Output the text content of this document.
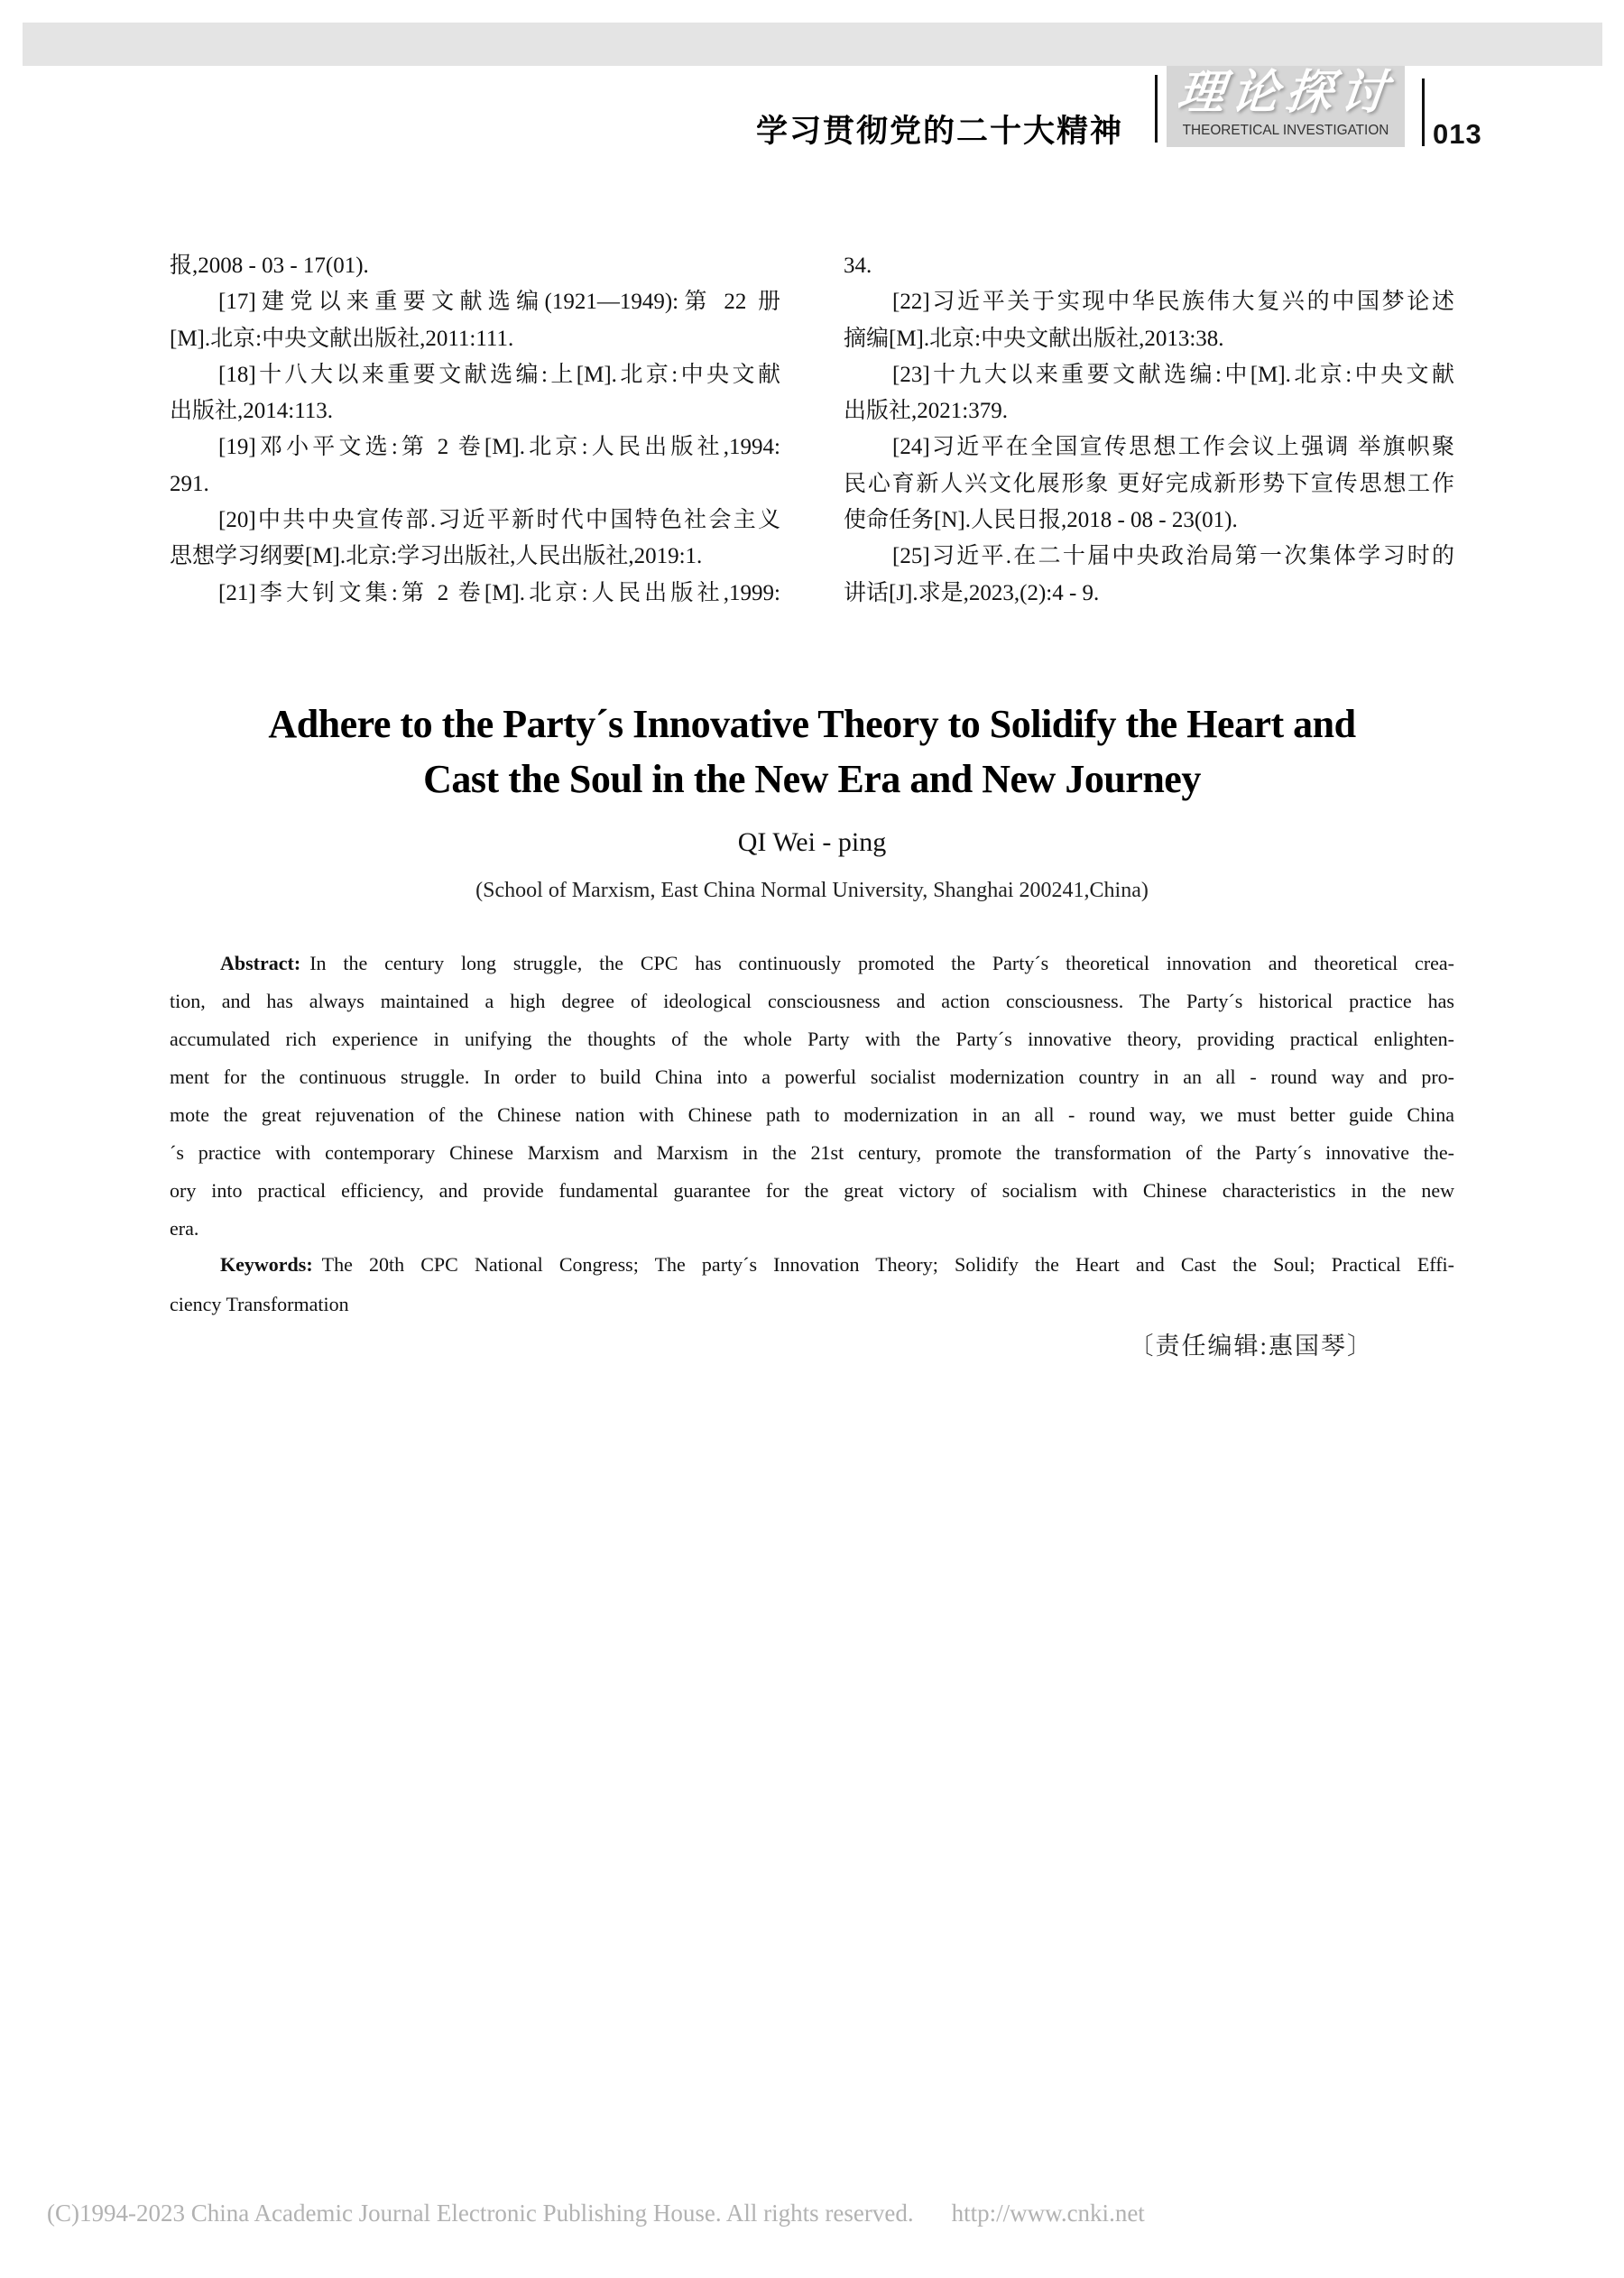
学习贯彻党的二十大精神
理论探讨
THEORETICAL INVESTIGATION	013
报,2008 - 03 - 17(01).
[17]建党以来重要文献选编(1921—1949):第 22 册
[M].北京:中央文献出版社,2011:111.
[18]十八大以来重要文献选编:上[M].北京:中央文献
出版社,2014:113.
[19]邓小平文选:第 2 卷[M].北京:人民出版社,1994:
291.
[20]中共中央宣传部.习近平新时代中国特色社会主义
思想学习纲要[M].北京:学习出版社,人民出版社,2019:1.
[21]李大钊文集:第 2 卷[M].北京:人民出版社,1999:
34.
[22]习近平关于实现中华民族伟大复兴的中国梦论述
摘编[M].北京:中央文献出版社,2013:38.
[23]十九大以来重要文献选编:中[M].北京:中央文献
出版社,2021:379.
[24]习近平在全国宣传思想工作会议上强调 举旗帜聚
民心育新人兴文化展形象 更好完成新形势下宣传思想工作
使命任务[N].人民日报,2018 - 08 - 23(01).
[25]习近平.在二十届中央政治局第一次集体学习时的
讲话[J].求是,2023,(2):4 - 9.
Adhere to the Party´s Innovative Theory to Solidify the Heart and
Cast the Soul in the New Era and New Journey
QI Wei - ping
(School of Marxism, East China Normal University, Shanghai 200241,China)
Abstract: In the century long struggle, the CPC has continuously promoted the Party´s theoretical innovation and theoretical crea-
tion, and has always maintained a high degree of ideological consciousness and action consciousness. The Party´s historical practice has
accumulated rich experience in unifying the thoughts of the whole Party with the Party´s innovative theory, providing practical enlighten-
ment for the continuous struggle. In order to build China into a powerful socialist modernization country in an all - round way and pro-
mote the great rejuvenation of the Chinese nation with Chinese path to modernization in an all - round way, we must better guide China
´s practice with contemporary Chinese Marxism and Marxism in the 21st century, promote the transformation of the Party´s innovative the-
ory into practical efficiency, and provide fundamental guarantee for the great victory of socialism with Chinese characteristics in the new
era.
Keywords: The 20th CPC National Congress; The party´s Innovation Theory; Solidify the Heart and Cast the Soul; Practical Effi-
ciency Transformation
〔责任编辑:惠国琴〕
(C)1994-2023 China Academic Journal Electronic Publishing House. All rights reserved. http://www.cnki.net
